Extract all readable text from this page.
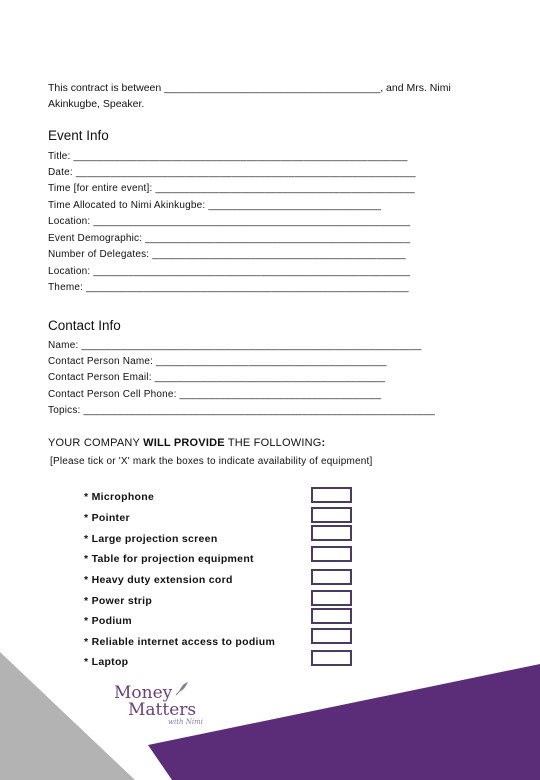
This contract is between _____________________________________, and Mrs. Nimi
Akinkugbe, Speaker.
Event Info
Title: __________________________________________________________
Date: ___________________________________________________________
Time [for entire event]: _____________________________________________
Time Allocated to Nimi Akinkugbe: ______________________________
Location: _______________________________________________________
Event Demographic: ______________________________________________
Number of Delegates: ____________________________________________
Location: _______________________________________________________
Theme: ________________________________________________________
Contact Info
Name: ___________________________________________________________
Contact Person Name: ________________________________________
Contact Person Email: ________________________________________
Contact Person Cell Phone: ___________________________________
Topics: _____________________________________________________________
YOUR COMPANY WILL PROVIDE THE FOLLOWING:
[Please tick or 'X' mark the boxes to indicate availability of equipment]
* Microphone
* Pointer
* Large projection screen
* Table for projection equipment
* Heavy duty extension cord
* Power strip
* Podium
* Reliable internet access to podium
* Laptop
Money
Matters
with Nimi
